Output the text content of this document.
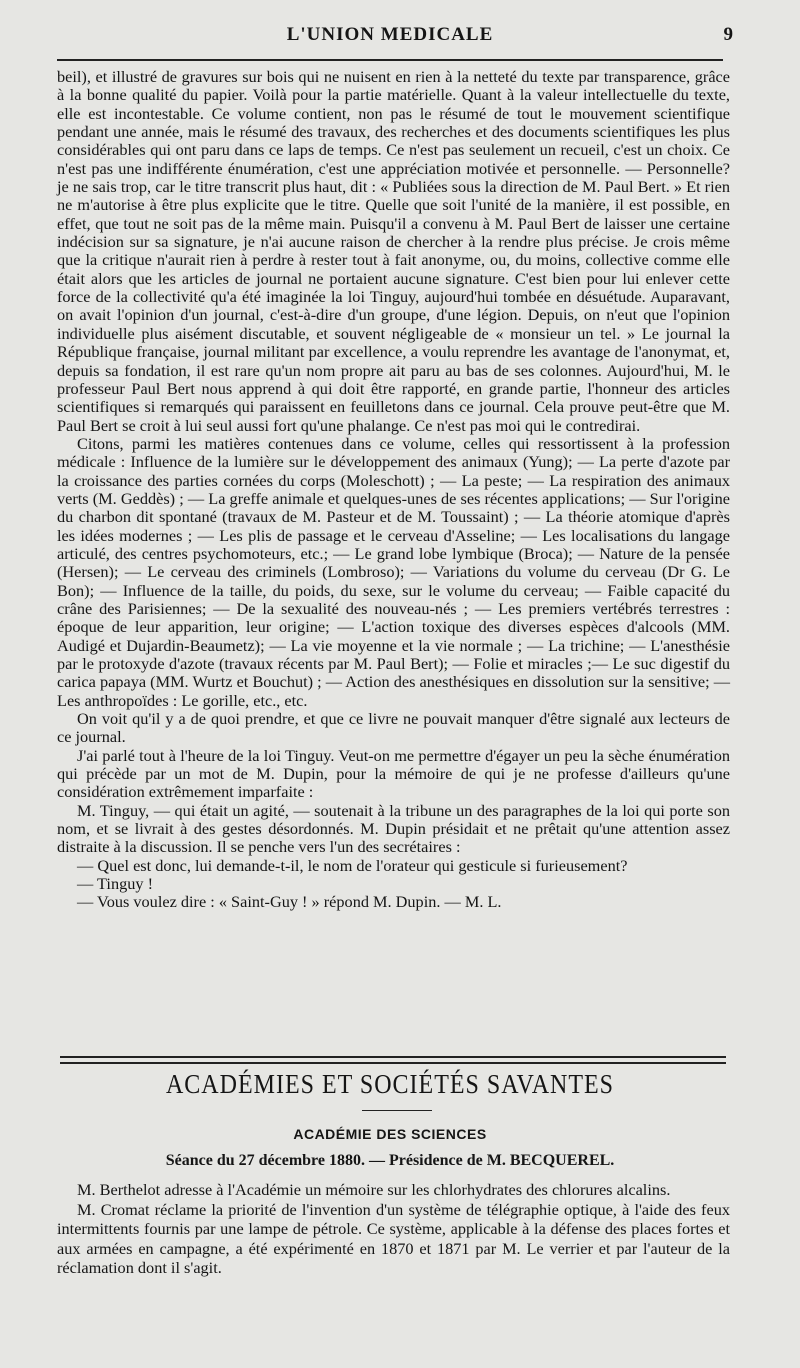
L'UNION MEDICALE	9

beil), et illustré de gravures sur bois qui ne nuisent en rien à la netteté du texte par transparence, grâce à la bonne qualité du papier. Voilà pour la partie matérielle. Quant à la valeur intellectuelle du texte, elle est incontestable. Ce volume contient, non pas le résumé de tout le mouvement scientifique pendant une année, mais le résumé des travaux, des recherches et des documents scientifiques les plus considérables qui ont paru dans ce laps de temps. Ce n'est pas seulement un recueil, c'est un choix. Ce n'est pas une indifférente énumération, c'est une appréciation motivée et personnelle. — Personnelle? je ne sais trop, car le titre transcrit plus haut, dit : « Publiées sous la direction de M. Paul Bert. » Et rien ne m'autorise à être plus explicite que le titre. Quelle que soit l'unité de la manière, il est possible, en effet, que tout ne soit pas de la même main. Puisqu'il a convenu à M. Paul Bert de laisser une certaine indécision sur sa signature, je n'ai aucune raison de chercher à la rendre plus précise. Je crois même que la critique n'aurait rien à perdre à rester tout à fait anonyme, ou, du moins, collective comme elle était alors que les articles de journal ne portaient aucune signature. C'est bien pour lui enlever cette force de la collectivité qu'a été imaginée la loi Tinguy, aujourd'hui tombée en désuétude. Auparavant, on avait l'opinion d'un journal, c'est-à-dire d'un groupe, d'une légion. Depuis, on n'eut que l'opinion individuelle plus aisément discutable, et souvent négligeable de « monsieur un tel. » Le journal la République française, journal militant par excellence, a voulu reprendre les avantage de l'anonymat, et, depuis sa fondation, il est rare qu'un nom propre ait paru au bas de ses colonnes. Aujourd'hui, M. le professeur Paul Bert nous apprend à qui doit être rapporté, en grande partie, l'honneur des articles scientifiques si remarqués qui paraissent en feuilletons dans ce journal. Cela prouve peut-être que M. Paul Bert se croit à lui seul aussi fort qu'une phalange. Ce n'est pas moi qui le contredirai.

Citons, parmi les matières contenues dans ce volume, celles qui ressortissent à la profession médicale : Influence de la lumière sur le développement des animaux (Yung); — La perte d'azote par la croissance des parties cornées du corps (Moleschott) ; — La peste; — La respiration des animaux verts (M. Geddès) ; — La greffe animale et quelques-unes de ses récentes applications; — Sur l'origine du charbon dit spontané (travaux de M. Pasteur et de M. Toussaint) ; — La théorie atomique d'après les idées modernes ; — Les plis de passage et le cerveau d'Asseline; — Les localisations du langage articulé, des centres psychomoteurs, etc.; — Le grand lobe lymbique (Broca); — Nature de la pensée (Hersen); — Le cerveau des criminels (Lombroso); — Variations du volume du cerveau (Dr G. Le Bon); — Influence de la taille, du poids, du sexe, sur le volume du cerveau; — Faible capacité du crâne des Parisiennes; — De la sexualité des nouveau-nés ; — Les premiers vertébrés terrestres : époque de leur apparition, leur origine; — L'action toxique des diverses espèces d'alcools (MM. Audigé et Dujardin-Beaumetz); — La vie moyenne et la vie normale ; — La trichine; — L'anesthésie par le protoxyde d'azote (travaux récents par M. Paul Bert); — Folie et miracles ;— Le suc digestif du carica papaya (MM. Wurtz et Bouchut) ; — Action des anesthésiques en dissolution sur la sensitive; — Les anthropoïdes : Le gorille, etc., etc.

On voit qu'il y a de quoi prendre, et que ce livre ne pouvait manquer d'être signalé aux lecteurs de ce journal.

J'ai parlé tout à l'heure de la loi Tinguy. Veut-on me permettre d'égayer un peu la sèche énumération qui précède par un mot de M. Dupin, pour la mémoire de qui je ne professe d'ailleurs qu'une considération extrêmement imparfaite :

M. Tinguy, — qui était un agité, — soutenait à la tribune un des paragraphes de la loi qui porte son nom, et se livrait à des gestes désordonnés. M. Dupin présidait et ne prêtait qu'une attention assez distraite à la discussion. Il se penche vers l'un des secrétaires :

— Quel est donc, lui demande-t-il, le nom de l'orateur qui gesticule si furieusement?

— Tinguy !

— Vous voulez dire : « Saint-Guy ! » répond M. Dupin. — M. L.

ACADÉMIES ET SOCIÉTÉS SAVANTES
ACADÉMIE DES SCIENCES
Séance du 27 décembre 1880. — Présidence de M. BECQUEREL.

M. Berthelot adresse à l'Académie un mémoire sur les chlorhydrates des chlorures alcalins.

M. Cromat réclame la priorité de l'invention d'un système de télégraphie optique, à l'aide des feux intermittents fournis par une lampe de pétrole. Ce système, applicable à la défense des places fortes et aux armées en campagne, a été expérimenté en 1870 et 1871 par M. Le verrier et par l'auteur de la réclamation dont il s'agit.
